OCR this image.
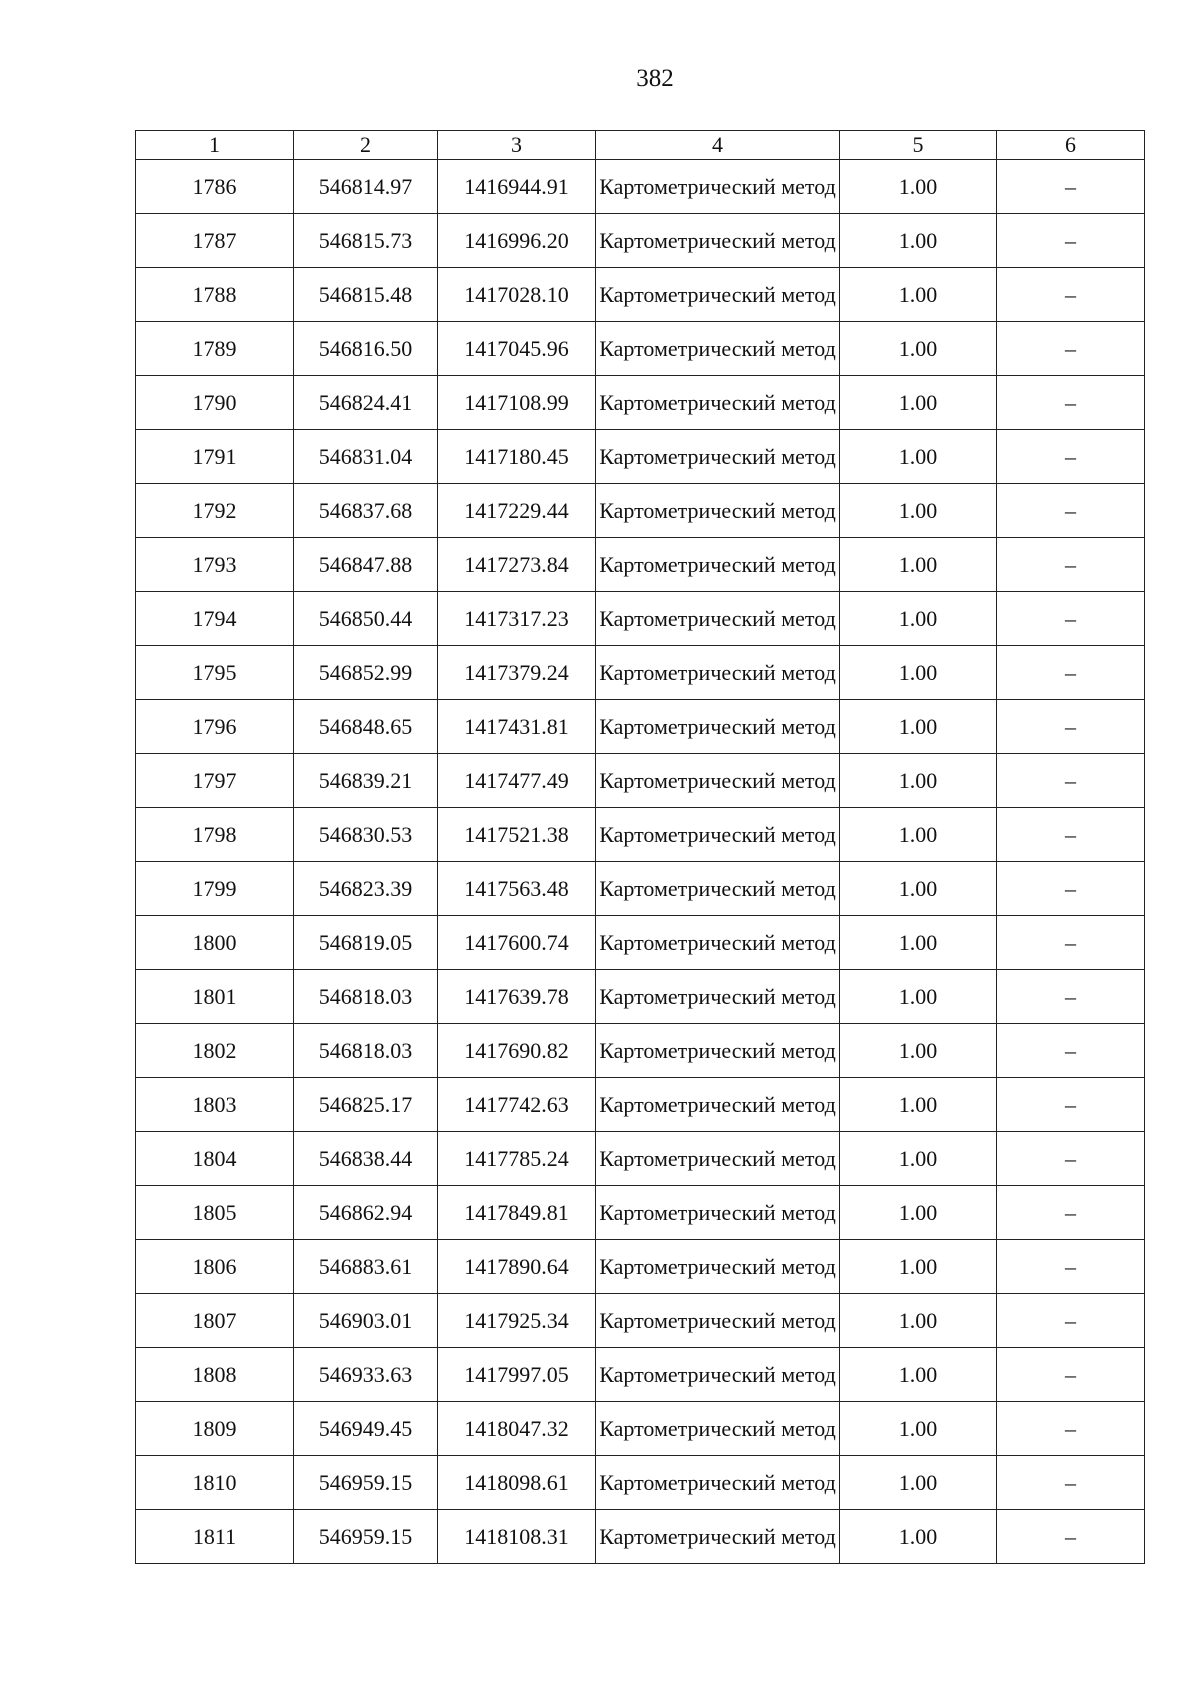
382
1	2	3	4	5	6
1786	546814.97	1416944.91	Картометрический метод	1.00	–
1787	546815.73	1416996.20	Картометрический метод	1.00	–
1788	546815.48	1417028.10	Картометрический метод	1.00	–
1789	546816.50	1417045.96	Картометрический метод	1.00	–
1790	546824.41	1417108.99	Картометрический метод	1.00	–
1791	546831.04	1417180.45	Картометрический метод	1.00	–
1792	546837.68	1417229.44	Картометрический метод	1.00	–
1793	546847.88	1417273.84	Картометрический метод	1.00	–
1794	546850.44	1417317.23	Картометрический метод	1.00	–
1795	546852.99	1417379.24	Картометрический метод	1.00	–
1796	546848.65	1417431.81	Картометрический метод	1.00	–
1797	546839.21	1417477.49	Картометрический метод	1.00	–
1798	546830.53	1417521.38	Картометрический метод	1.00	–
1799	546823.39	1417563.48	Картометрический метод	1.00	–
1800	546819.05	1417600.74	Картометрический метод	1.00	–
1801	546818.03	1417639.78	Картометрический метод	1.00	–
1802	546818.03	1417690.82	Картометрический метод	1.00	–
1803	546825.17	1417742.63	Картометрический метод	1.00	–
1804	546838.44	1417785.24	Картометрический метод	1.00	–
1805	546862.94	1417849.81	Картометрический метод	1.00	–
1806	546883.61	1417890.64	Картометрический метод	1.00	–
1807	546903.01	1417925.34	Картометрический метод	1.00	–
1808	546933.63	1417997.05	Картометрический метод	1.00	–
1809	546949.45	1418047.32	Картометрический метод	1.00	–
1810	546959.15	1418098.61	Картометрический метод	1.00	–
1811	546959.15	1418108.31	Картометрический метод	1.00	–
